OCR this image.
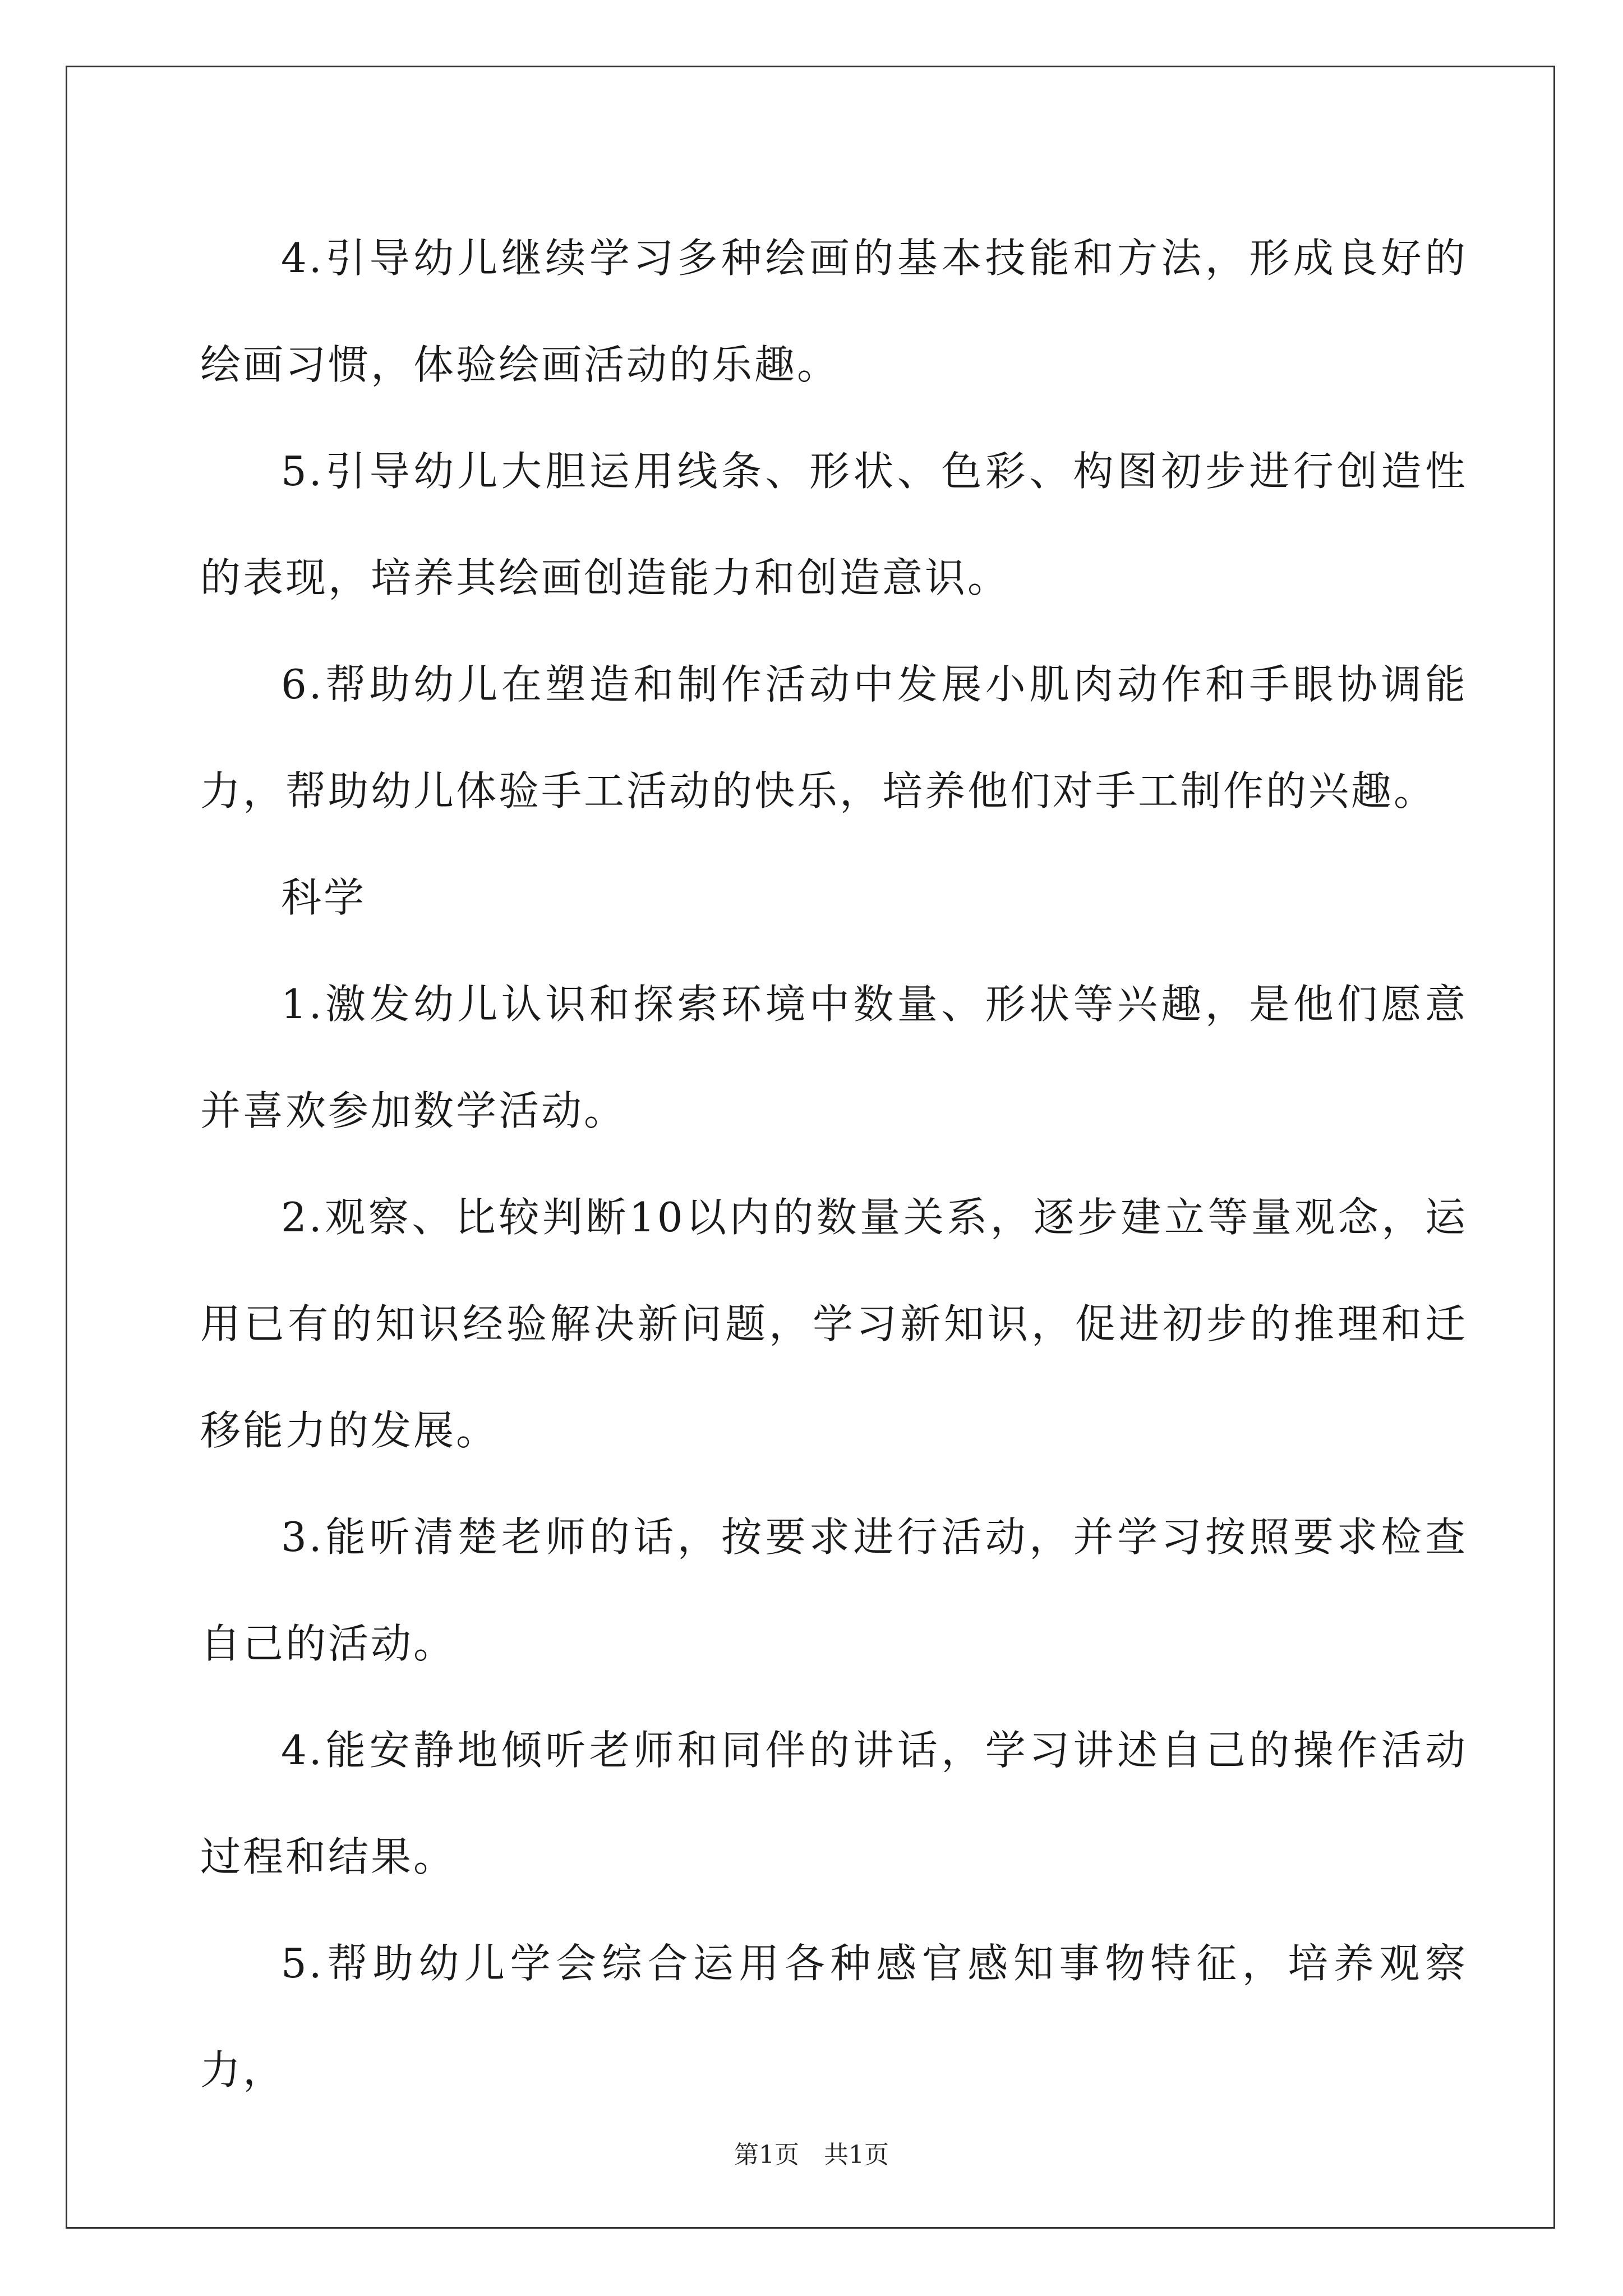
4.引导幼儿继续学习多种绘画的基本技能和方法，形成良好的绘画习惯，体验绘画活动的乐趣。

5.引导幼儿大胆运用线条、形状、色彩、构图初步进行创造性的表现，培养其绘画创造能力和创造意识。

6.帮助幼儿在塑造和制作活动中发展小肌肉动作和手眼协调能力，帮助幼儿体验手工活动的快乐，培养他们对手工制作的兴趣。

科学

1.激发幼儿认识和探索环境中数量、形状等兴趣，是他们愿意并喜欢参加数学活动。

2.观察、比较判断10以内的数量关系，逐步建立等量观念，运用已有的知识经验解决新问题，学习新知识，促进初步的推理和迁移能力的发展。

3.能听清楚老师的话，按要求进行活动，并学习按照要求检查自己的活动。

4.能安静地倾听老师和同伴的讲话，学习讲述自己的操作活动过程和结果。

5.帮助幼儿学会综合运用各种感官感知事物特征，培养观察力，

第1页　共1页
